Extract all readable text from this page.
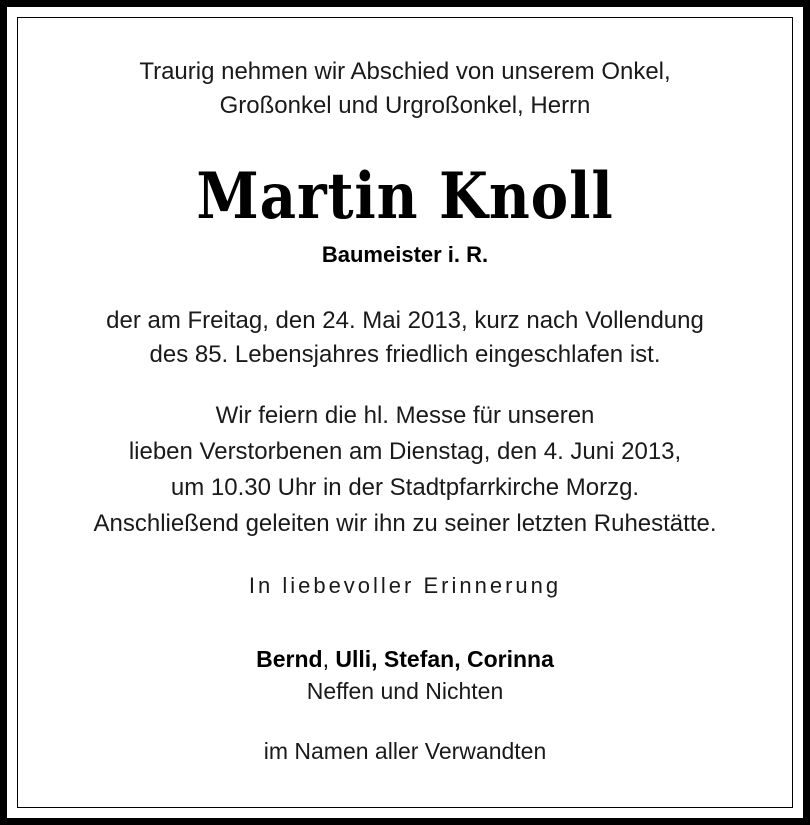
Traurig nehmen wir Abschied von unserem Onkel,
Großonkel und Urgroßonkel, Herrn
Martin Knoll
Baumeister i. R.
der am Freitag, den 24. Mai 2013, kurz nach Vollendung
des 85. Lebensjahres friedlich eingeschlafen ist.
Wir feiern die hl. Messe für unseren
lieben Verstorbenen am Dienstag, den 4. Juni 2013,
um 10.30 Uhr in der Stadtpfarrkirche Morzg.
Anschließend geleiten wir ihn zu seiner letzten Ruhestätte.
In liebevoller Erinnerung
Bernd, Ulli, Stefan, Corinna
Neffen und Nichten
im Namen aller Verwandten
